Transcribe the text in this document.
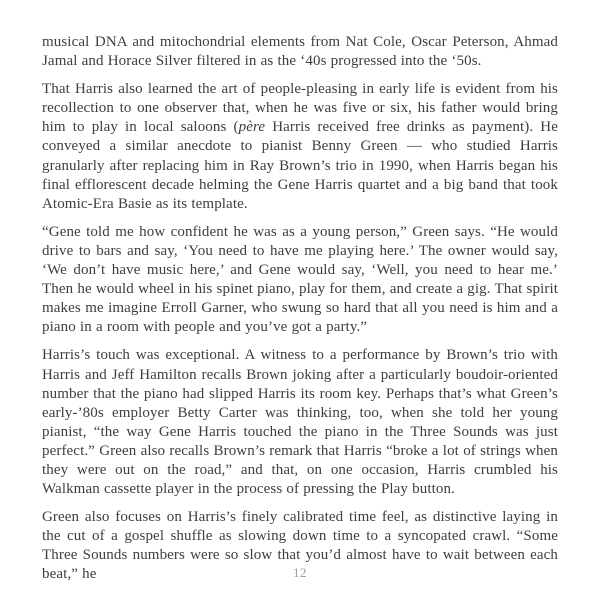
musical DNA and mitochondrial elements from Nat Cole, Oscar Peterson, Ahmad Jamal and Horace Silver filtered in as the ‘40s progressed into the ‘50s.

That Harris also learned the art of people-pleasing in early life is evident from his recollection to one observer that, when he was five or six, his father would bring him to play in local saloons (père Harris received free drinks as payment). He conveyed a similar anecdote to pianist Benny Green — who studied Harris granularly after replacing him in Ray Brown’s trio in 1990, when Harris began his final efflorescent decade helming the Gene Harris quartet and a big band that took Atomic-Era Basie as its template.

“Gene told me how confident he was as a young person,” Green says. “He would drive to bars and say, ‘You need to have me playing here.’ The owner would say, ‘We don’t have music here,’ and Gene would say, ‘Well, you need to hear me.’ Then he would wheel in his spinet piano, play for them, and create a gig. That spirit makes me imagine Erroll Garner, who swung so hard that all you need is him and a piano in a room with people and you’ve got a party.”

Harris’s touch was exceptional. A witness to a performance by Brown’s trio with Harris and Jeff Hamilton recalls Brown joking after a particularly boudoir-oriented number that the piano had slipped Harris its room key. Perhaps that’s what Green’s early-’80s employer Betty Carter was thinking, too, when she told her young pianist, “the way Gene Harris touched the piano in the Three Sounds was just perfect.” Green also recalls Brown’s remark that Harris “broke a lot of strings when they were out on the road,” and that, on one occasion, Harris crumbled his Walkman cassette player in the process of pressing the Play button.

Green also focuses on Harris’s finely calibrated time feel, as distinctive laying in the cut of a gospel shuffle as slowing down time to a syncopated crawl. “Some Three Sounds numbers were so slow that you’d almost have to wait between each beat,” he	12
